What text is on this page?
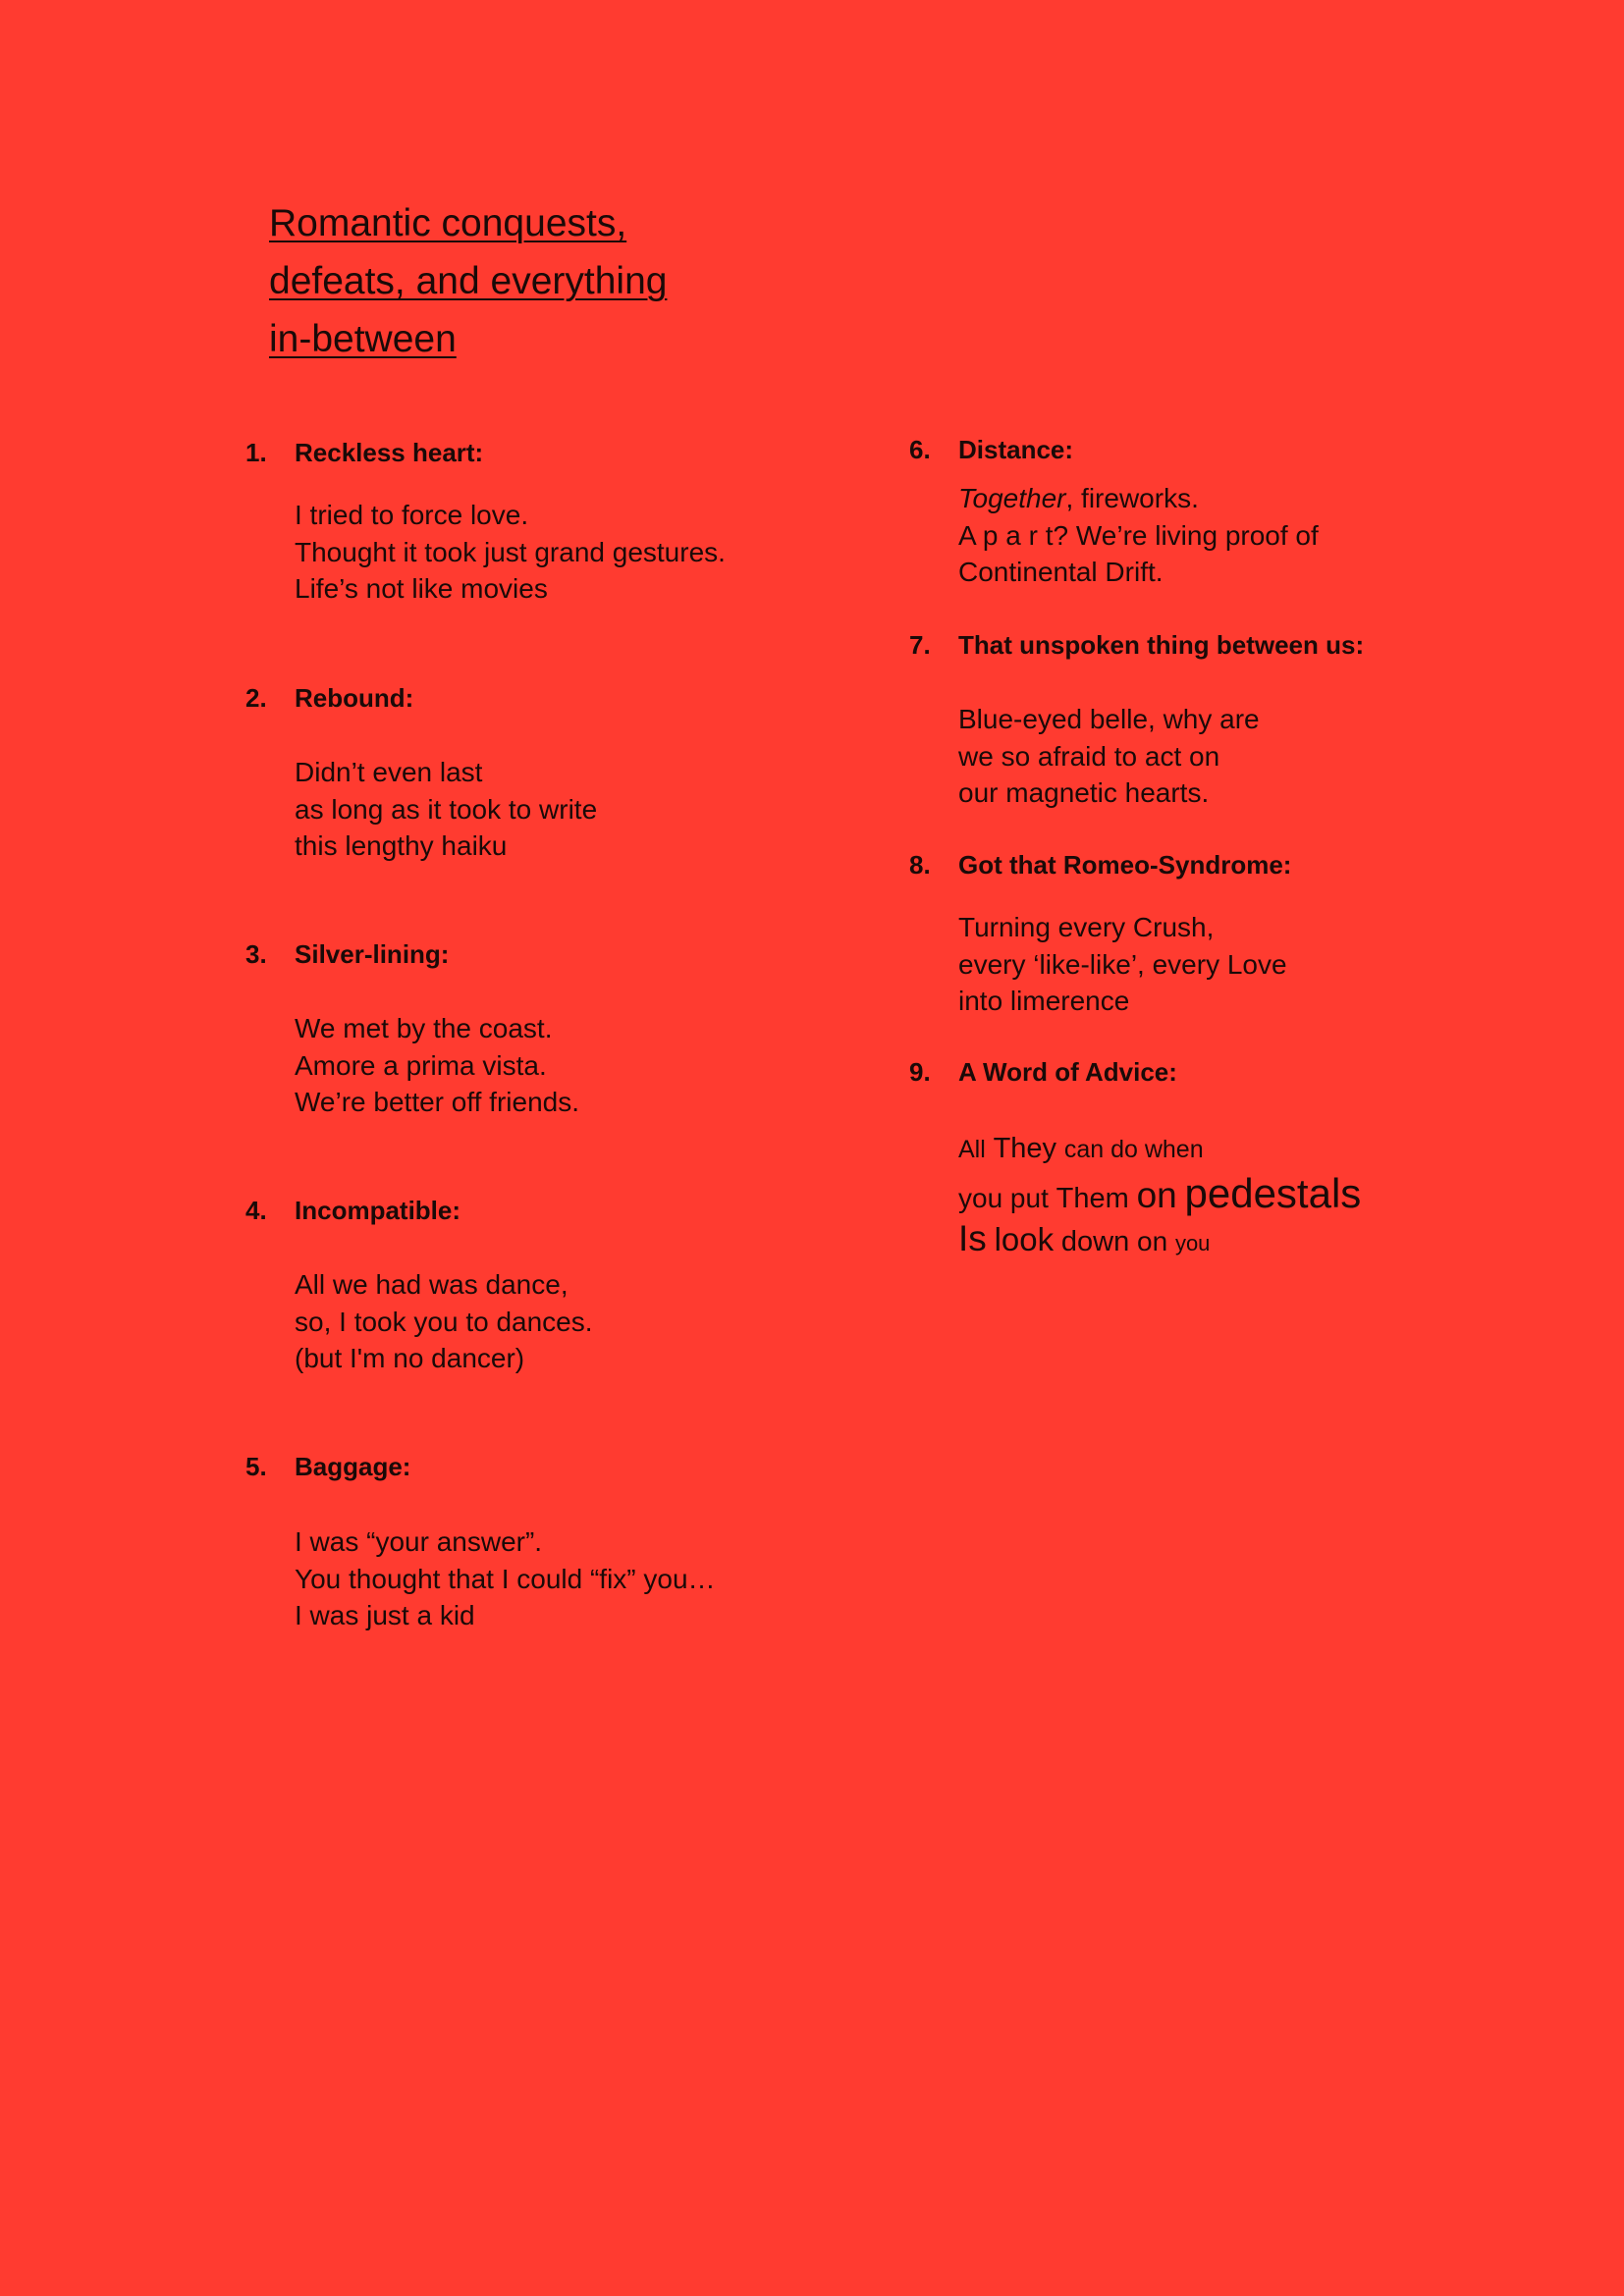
Romantic conquests,
defeats, and everything
in-between
1. Reckless heart:
I tried to force love.
Thought it took just grand gestures.
Life’s not like movies
2. Rebound:
Didn’t even last
as long as it took to write
this lengthy haiku
3. Silver-lining:
We met by the coast.
Amore a prima vista.
We’re better off friends.
4. Incompatible:
All we had was dance,
so, I took you to dances.
(but I'm no dancer)
5. Baggage:
I was “your answer”.
You thought that I could “fix” you…
I was just a kid
6. Distance:
Together, fireworks.
A p a r t? We’re living proof of
Continental Drift.
7. That unspoken thing between us:
Blue-eyed belle, why are
we so afraid to act on
our magnetic hearts.
8. Got that Romeo-Syndrome:
Turning every Crush,
every ‘like-like’, every Love
into limerence
9. A Word of Advice:
All They can do when
you put Them on pedestals
Is look down on you
